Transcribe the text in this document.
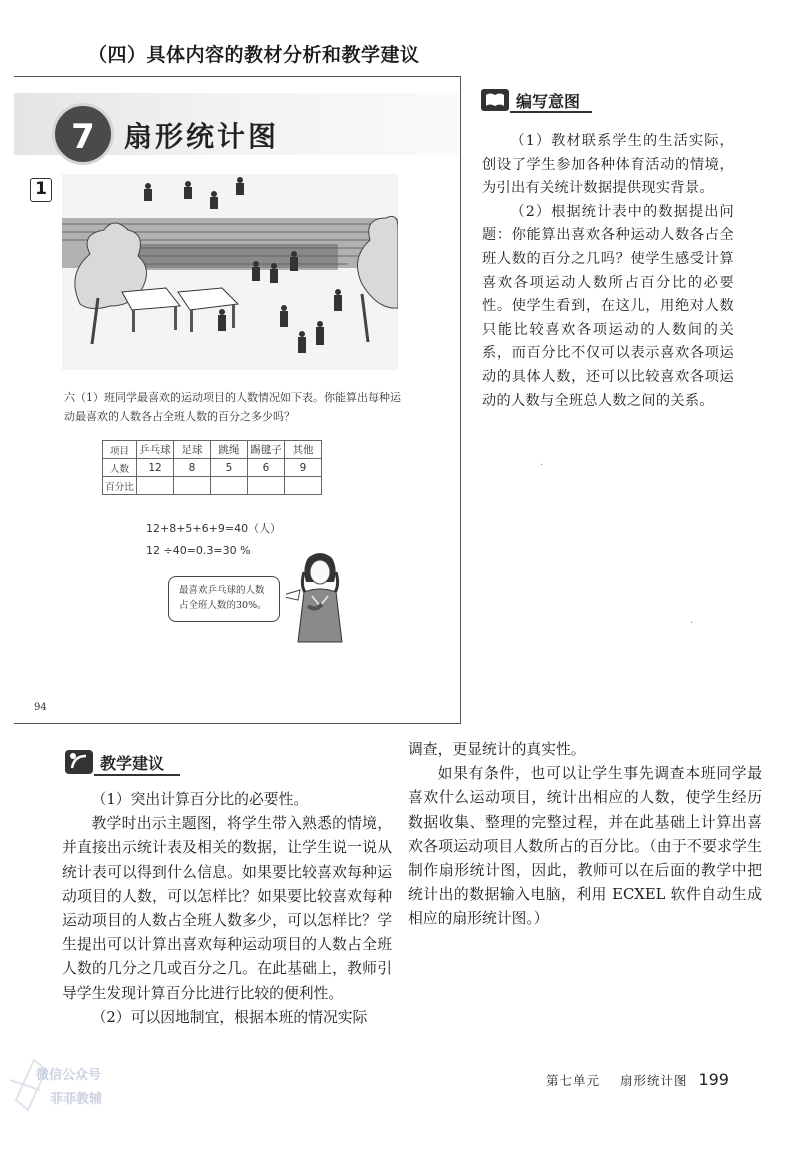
（四）具体内容的教材分析和教学建议
7	扇形统计图
1
六（1）班同学最喜欢的运动项目的人数情况如下表。你能算出每种运
动最喜欢的人数各占全班人数的百分之多少吗？
项目	乒乓球	足球	跳绳	踢毽子	其他
人数	12	8	5	6	9
百分比					
12+8+5+6+9=40（人）
12 ÷40=0.3=30 %
最喜欢乒乓球的人数
占全班人数的30%。
94
编写意图

（1）教材联系学生的生活实际，创设了学生参加各种体育活动的情境，为引出有关统计数据提供现实背景。

（2）根据统计表中的数据提出问题：你能算出喜欢各种运动人数各占全班人数的百分之几吗？使学生感受计算喜欢各项运动人数所占百分比的必要性。使学生看到，在这儿，用绝对人数只能比较喜欢各项运动的人数间的关系，而百分比不仅可以表示喜欢各项运动的具体人数，还可以比较喜欢各项运动的人数与全班总人数之间的关系。

·
·
教学建议

（1）突出计算百分比的必要性。

教学时出示主题图，将学生带入熟悉的情境，并直接出示统计表及相关的数据，让学生说一说从统计表可以得到什么信息。如果要比较喜欢每种运动项目的人数，可以怎样比？如果要比较喜欢每种运动项目的人数占全班人数多少，可以怎样比？学生提出可以计算出喜欢每种运动项目的人数占全班人数的几分之几或百分之几。在此基础上，教师引导学生发现计算百分比进行比较的便利性。

（2）可以因地制宜，根据本班的情况实际

调查，更显统计的真实性。

如果有条件，也可以让学生事先调查本班同学最喜欢什么运动项目，统计出相应的人数，使学生经历数据收集、整理的完整过程，并在此基础上计算出喜欢各项运动项目人数所占的百分比。（由于不要求学生制作扇形统计图，因此，教师可以在后面的教学中把统计出的数据输入电脑，利用 ECXEL 软件自动生成相应的扇形统计图。）

微信公众号
菲菲教辅
第七单元 扇形统计图 199
